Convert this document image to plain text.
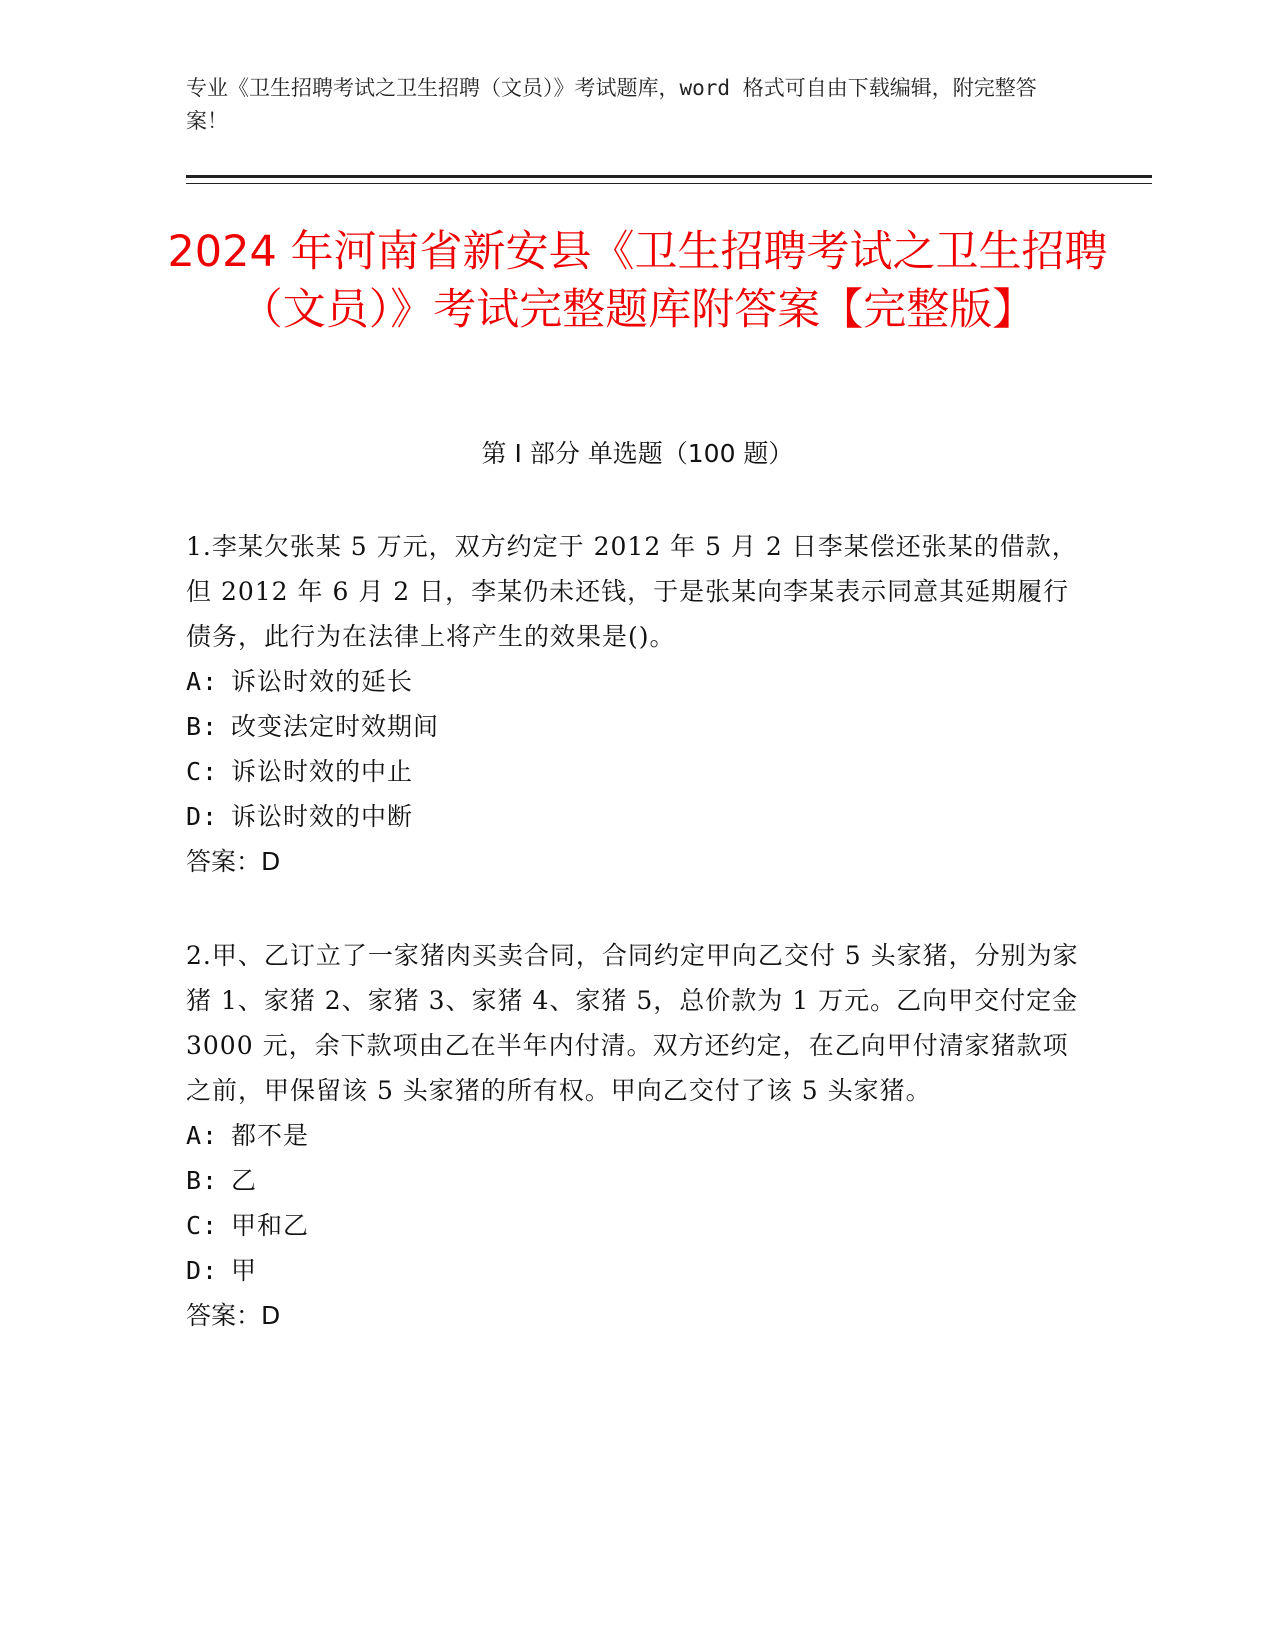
专业《卫生招聘考试之卫生招聘（文员）》考试题库，word 格式可自由下载编辑，附完整答案！
2024 年河南省新安县《卫生招聘考试之卫生招聘（文员）》考试完整题库附答案【完整版】
第 I 部分 单选题（100 题）
1.李某欠张某 5 万元，双方约定于 2012 年 5 月 2 日李某偿还张某的借款，但 2012 年 6 月 2 日，李某仍未还钱，于是张某向李某表示同意其延期履行债务，此行为在法律上将产生的效果是()。
A: 诉讼时效的延长
B: 改变法定时效期间
C: 诉讼时效的中止
D: 诉讼时效的中断
答案：D
2.甲、乙订立了一家猪肉买卖合同，合同约定甲向乙交付 5 头家猪，分别为家猪 1、家猪 2、家猪 3、家猪 4、家猪 5，总价款为 1 万元。乙向甲交付定金 3000 元，余下款项由乙在半年内付清。双方还约定，在乙向甲付清家猪款项之前，甲保留该 5 头家猪的所有权。甲向乙交付了该 5 头家猪。
A: 都不是
B: 乙
C: 甲和乙
D: 甲
答案：D
